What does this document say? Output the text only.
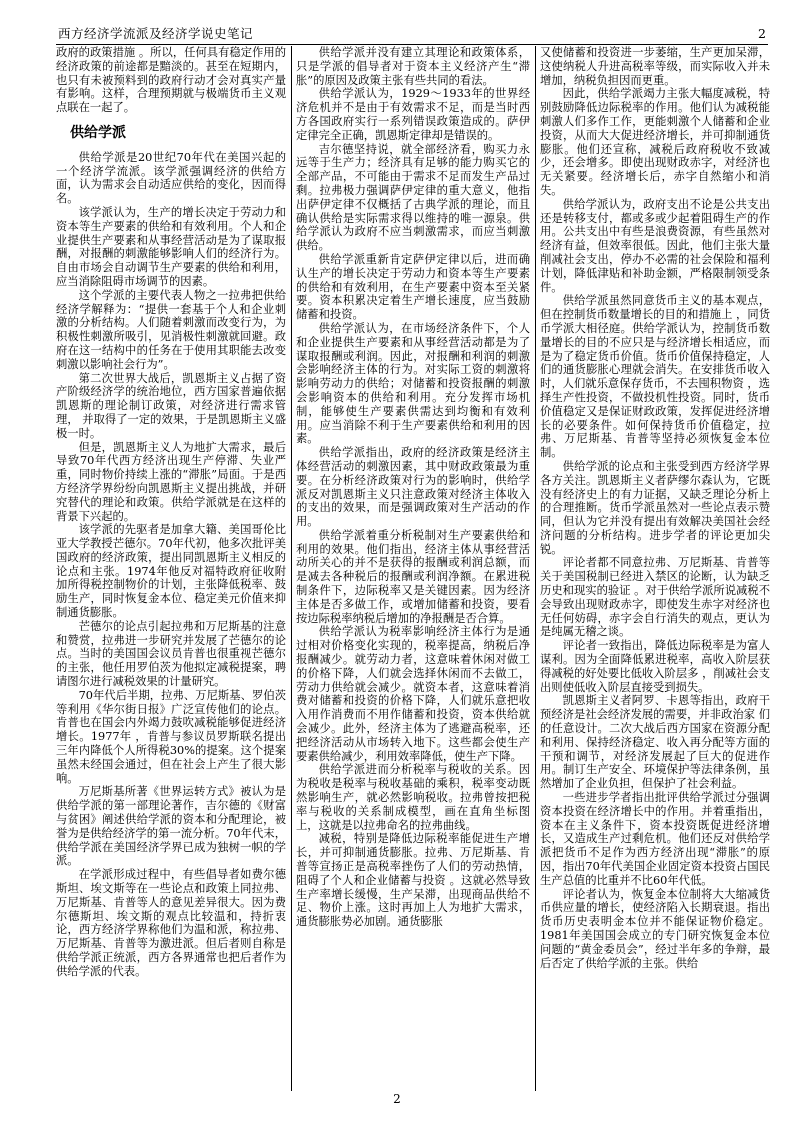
西方经济学流派及经济学说史笔记	2

政府的政策措施 。所以，任何具有稳定作用的经济政策的前途都是黯淡的。甚至在短期内，也只有未被预料到的政府行动才会对真实产量有影响。这样，合理预期就与极端货币主义观点联在一起了。

供给学派

供给学派是20世纪70年代在美国兴起的一个经济学流派。该学派强调经济的供给方面，认为需求会自动适应供给的变化，因而得名。

该学派认为，生产的增长决定于劳动力和资本等生产要素的供给和有效利用。个人和企业提供生产要素和从事经营活动是为了谋取报酬，对报酬的刺激能够影响人们的经济行为。自由市场会自动调节生产要素的供给和利用，应当消除阻碍市场调节的因素。

这个学派的主要代表人物之一拉弗把供给经济学解释为：“提供一套基于个人和企业刺激的分析结构。人们随着刺激而改变行为，为积极性刺激所吸引，见消极性刺激就回避。政府在这一结构中的任务在于使用其职能去改变刺激以影响社会行为”。

第二次世界大战后，凯恩斯主义占据了资产阶级经济学的统治地位，西方国家普遍依据凯恩斯的理论制订政策，对经济进行需求管理， 并取得了一定的效果，于是凯恩斯主义盛极一时。

但是，凯恩斯主义人为地扩大需求，最后导致70年代西方经济出现生产停滞、失业严重，同时物价持续上涨的“滞胀”局面。于是西方经济学界纷纷向凯恩斯主义提出挑战，并研究替代的理论和政策。供给学派就是在这样的背景下兴起的。

该学派的先驱者是加拿大籍、美国哥伦比亚大学教授芒德尔。70年代初，他多次批评美国政府的经济政策，提出同凯恩斯主义相反的论点和主张。1974年他反对福特政府征收附加所得税控制物价的计划，主张降低税率、鼓励生产，同时恢复金本位、稳定美元价值来抑制通货膨胀。

芒德尔的论点引起拉弗和万尼斯基的注意和赞赏，拉弗进一步研究并发展了芒德尔的论点。当时的美国国会议员肯普也很重视芒德尔的主张，他任用罗伯茨为他拟定减税提案，聘请图尔进行减税效果的计量研究。

70年代后半期，拉弗、万尼斯基、罗伯茨等利用《华尔街日报》广泛宣传他们的论点。肯普也在国会内外竭力鼓吹减税能够促进经济增长。1977年 ，肯普与参议员罗斯联名提出三年内降低个人所得税30%的提案。这个提案虽然未经国会通过，但在社会上产生了很大影响。

万尼斯基所著《世界运转方式》被认为是供给学派的第一部理论著作，吉尔德的《财富与贫困》阐述供给学派的资本和分配理论，被誉为是供给经济学的第一流分析。70年代末，供给学派在美国经济学界已成为独树一帜的学派。

在学派形成过程中，有些倡导者如费尔德斯坦、埃文斯等在一些论点和政策上同拉弗、万尼斯基、肯普等人的意见差异很大。因为费尔德斯坦、埃文斯的观点比较温和，持折衷论，西方经济学界称他们为温和派，称拉弗、万尼斯基、肯普等为激进派。但后者则自称是供给学派正统派，西方各界通常也把后者作为供给学派的代表。

供给学派并没有建立其理论和政策体系，只是学派的倡导者对于资本主义经济产生“滞胀”的原因及政策主张有些共同的看法。

供给学派认为，1929～1933年的世界经济危机并不是由于有效需求不足，而是当时西方各国政府实行一系列错误政策造成的。萨伊定律完全正确，凯恩斯定律却是错误的。

吉尔德坚持说，就全部经济看，购买力永远等于生产力；经济具有足够的能力购买它的全部产品，不可能由于需求不足而发生产品过剩。拉弗极力强调萨伊定律的重大意义，他指出萨伊定律不仅概括了古典学派的理论，而且确认供给是实际需求得以维持的唯一源泉。供给学派认为政府不应当刺激需求，而应当刺激供给。

供给学派重新肯定萨伊定律以后，进而确认生产的增长决定于劳动力和资本等生产要素的供给和有效利用，在生产要素中资本至关紧要。资本积累决定着生产增长速度，应当鼓励储蓄和投资。

供给学派认为，在市场经济条件下，个人和企业提供生产要素和从事经营活动都是为了谋取报酬或利润。因此，对报酬和利润的刺激会影响经济主体的行为。对实际工资的刺激将影响劳动力的供给；对储蓄和投资报酬的刺激会影响资本的供给和利用。充分发挥市场机制，能够使生产要素供需达到均衡和有效利用。应当消除不利于生产要素供给和利用的因素。

供给学派指出，政府的经济政策是经济主体经营活动的刺激因素，其中财政政策最为重要。在分析经济政策对行为的影响时，供给学派反对凯恩斯主义只注意政策对经济主体收入的支出的效果，而是强调政策对生产活动的作用。

供给学派着重分析税制对生产要素供给和利用的效果。他们指出，经济主体从事经营活动所关心的并不是获得的报酬或利润总额，而是减去各种税后的报酬或利润净额。在累进税制条件下，边际税率又是关键因素。因为经济主体是否多做工作，或增加储蓄和投资，要看按边际税率纳税后增加的净报酬是否合算。

供给学派认为税率影响经济主体行为是通过相对价格变化实现的，税率提高，纳税后净报酬减少。就劳动力者，这意味着休闲对做工的价格下降，人们就会选择休闲而不去做工，劳动力供给就会减少。就资本者，这意味着消费对储蓄和投资的价格下降，人们就乐意把收入用作消费而不用作储蓄和投资，资本供给就会减少。此外，经济主体为了逃避高税率，还把经济活动从市场转入地下。这些都会使生产要素供给减少，利用效率降低，使生产下降。

供给学派进而分析税率与税收的关系。因为税收是税率与税收基础的乘积，税率变动既然影响生产，就必然影响税收。拉弗曾按把税率与税收的关系制成模型，画在直角坐标图上，这就是以拉弗命名的拉弗曲线。

减税，特别是降低边际税率能促进生产增长，并可抑制通货膨胀。拉弗、万尼斯基、肯普等宣扬正是高税率挫伤了人们的劳动热情，阻碍了个人和企业储蓄与投资 。这就必然导致生产率增长缓慢，生产呆滞，出现商品供给不足、物价上涨。这时再加上人为地扩大需求，通货膨胀势必加剧。通货膨胀

又使储蓄和投资进一步萎缩，生产更加呆滞，这使纳税人升进高税率等级，而实际收入并未增加，纳税负担因而更重。

因此，供给学派竭力主张大幅度减税，特别鼓励降低边际税率的作用。他们认为减税能刺激人们多作工作，更能刺激个人储蓄和企业投资，从而大大促进经济增长，并可抑制通货膨胀。他们还宣称，减税后政府税收不致减少，还会增多。即使出现财政赤字，对经济也无关紧要。经济增长后，赤字自然缩小和消失。

供给学派认为，政府支出不论是公共支出还是转移支付，都或多或少起着阻碍生产的作用。公共支出中有些是浪费资源，有些虽然对经济有益，但效率很低。因此，他们主张大量削减社会支出，停办不必需的社会保险和福利计划，降低津贴和补助金额，严格限制领受条件。

供给学派虽然同意货币主义的基本观点，但在控制货币数量增长的目的和措施上 ，同货币学派大相径庭。供给学派认为，控制货币数量增长的目的不应只是与经济增长相适应，而是为了稳定货币价值。货币价值保持稳定，人们的通货膨胀心理就会消失。在安排货币收入时，人们就乐意保存货币，不去囤积物资 ，选择生产性投资，不做投机性投资。同时，货币价值稳定又是保证财政政策，发挥促进经济增长的必要条件。如何保持货币价值稳定，拉弗、万尼斯基、肯普等坚持必须恢复金本位制。

供给学派的论点和主张受到西方经济学界各方关注。凯恩斯主义者萨缪尔森认为，它既没有经济史上的有力证据，又缺乏理论分析上的合理推断。货币学派虽然对一些论点表示赞同，但认为它并没有提出有效解决美国社会经济问题的分析结构。进步学者的评论更加尖锐。

评论者都不同意拉弗、万尼斯基、肯普等关于美国税制已经进入禁区的论断，认为缺乏历史和现实的验证 。对于供给学派所说减税不会导致出现财政赤字，即使发生赤字对经济也无任何妨碍，赤字会自行消失的观点，更认为是纯属无稽之谈。

评论者一致指出，降低边际税率是为富人谋利。因为全面降低累进税率，高收入阶层获得减税的好处要比低收入阶层多 ，削减社会支出则使低收入阶层直接受到损失。

凯恩斯主义者阿罗、卡恩等指出，政府干预经济是社会经济发展的需要，并非政治家 们的任意设计。二次大战后西方国家在资源分配和利用、保持经济稳定、收入再分配等方面的干预和调节，对经济发展起了巨大的促进作用。制订生产安全、环境保护等法律条例，虽然增加了企业负担，但保护了社会利益。

一些进步学者指出批评供给学派过分强调资本投资在经济增长中的作用。并着重指出，资本在主义条件下，资本投资既促进经济增长，又造成生产过剩危机。他们还反对供给学派把货币不足作为西方经济出现“滞胀”的原因，指出70年代美国企业固定资本投资占国民生产总值的比重并不比60年代低。

评论者认为，恢复金本位制将大大缩减货币供应量的增长，使经济陷入长期衰退。指出货币历史表明金本位并不能保证物价稳定。1981年美国国会成立的专门研究恢复金本位问题的“黄金委员会”，经过半年多的争辩，最后否定了供给学派的主张。供给

2
